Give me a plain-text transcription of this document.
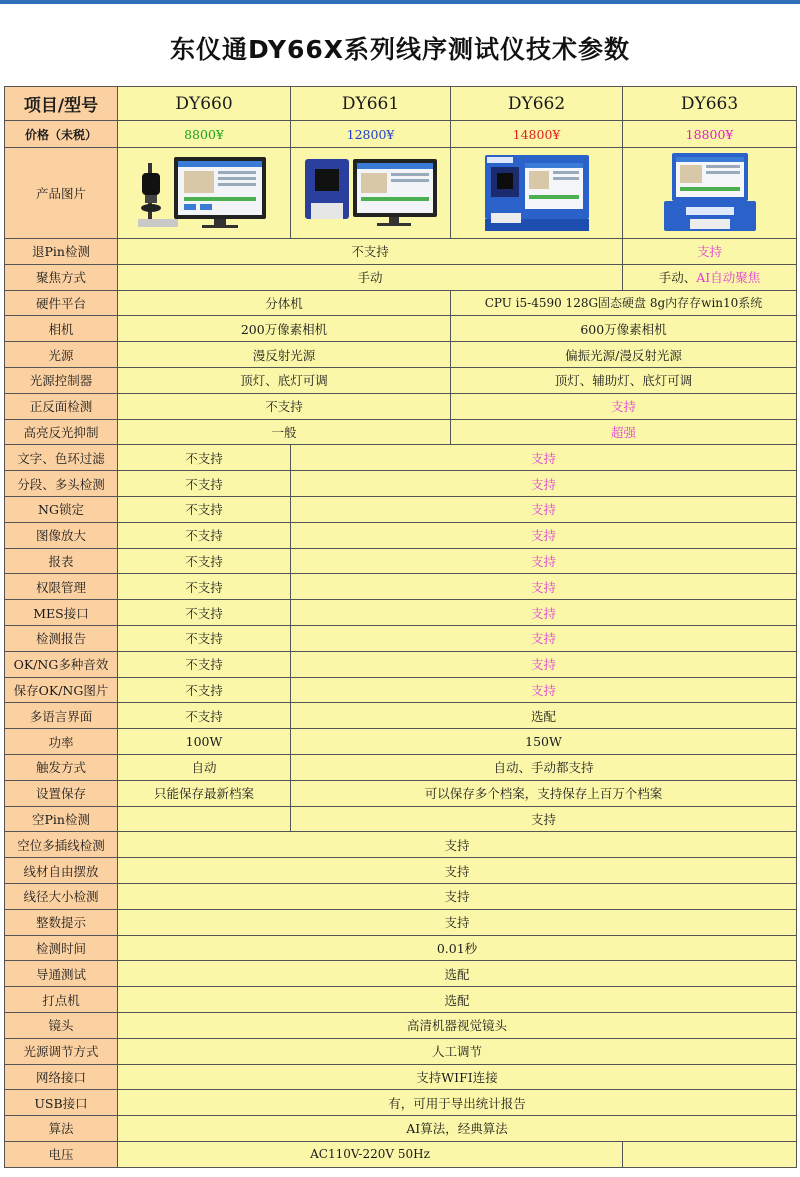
东仪通DY66X系列线序测试仪技术参数
项目/型号	DY660	DY661	DY662	DY663
价格（未税）	8800¥	12800¥	14800¥	18800¥
产品图片	

退Pin检测	不支持			支持
聚焦方式	手动			手动、AI自动聚焦
硬件平台	分体机		CPU i5-4590 128G固态硬盘 8g内存存win10系统	
相机	200万像素相机		600万像素相机	
光源	漫反射光源		偏振光源/漫反射光源	
光源控制器	顶灯、底灯可调		顶灯、辅助灯、底灯可调	
正反面检测	不支持		支持	
高亮反光抑制	一般		超强	
文字、色环过滤	不支持	支持		
分段、多头检测	不支持	支持		
NG锁定	不支持	支持		
图像放大	不支持	支持		
报表	不支持	支持		
权限管理	不支持	支持		
MES接口	不支持	支持		
检测报告	不支持	支持		
OK/NG多种音效	不支持	支持		
保存OK/NG图片	不支持	支持		
多语言界面	不支持	选配		
功率	100W	150W		
触发方式	自动	自动、手动都支持		
设置保存	只能保存最新档案	可以保存多个档案，支持保存上百万个档案		
空Pin检测		支持		
空位多插线检测	支持			
线材自由摆放	支持			
线径大小检测	支持			
整数提示	支持			
检测时间	0.01秒			
导通测试	选配			
打点机	选配			
镜头	高清机器视觉镜头			
光源调节方式	人工调节			
网络接口	支持WIFI连接			
USB接口	有，可用于导出统计报告			
算法	AI算法，经典算法			
电压	AC110V-220V 50Hz			
